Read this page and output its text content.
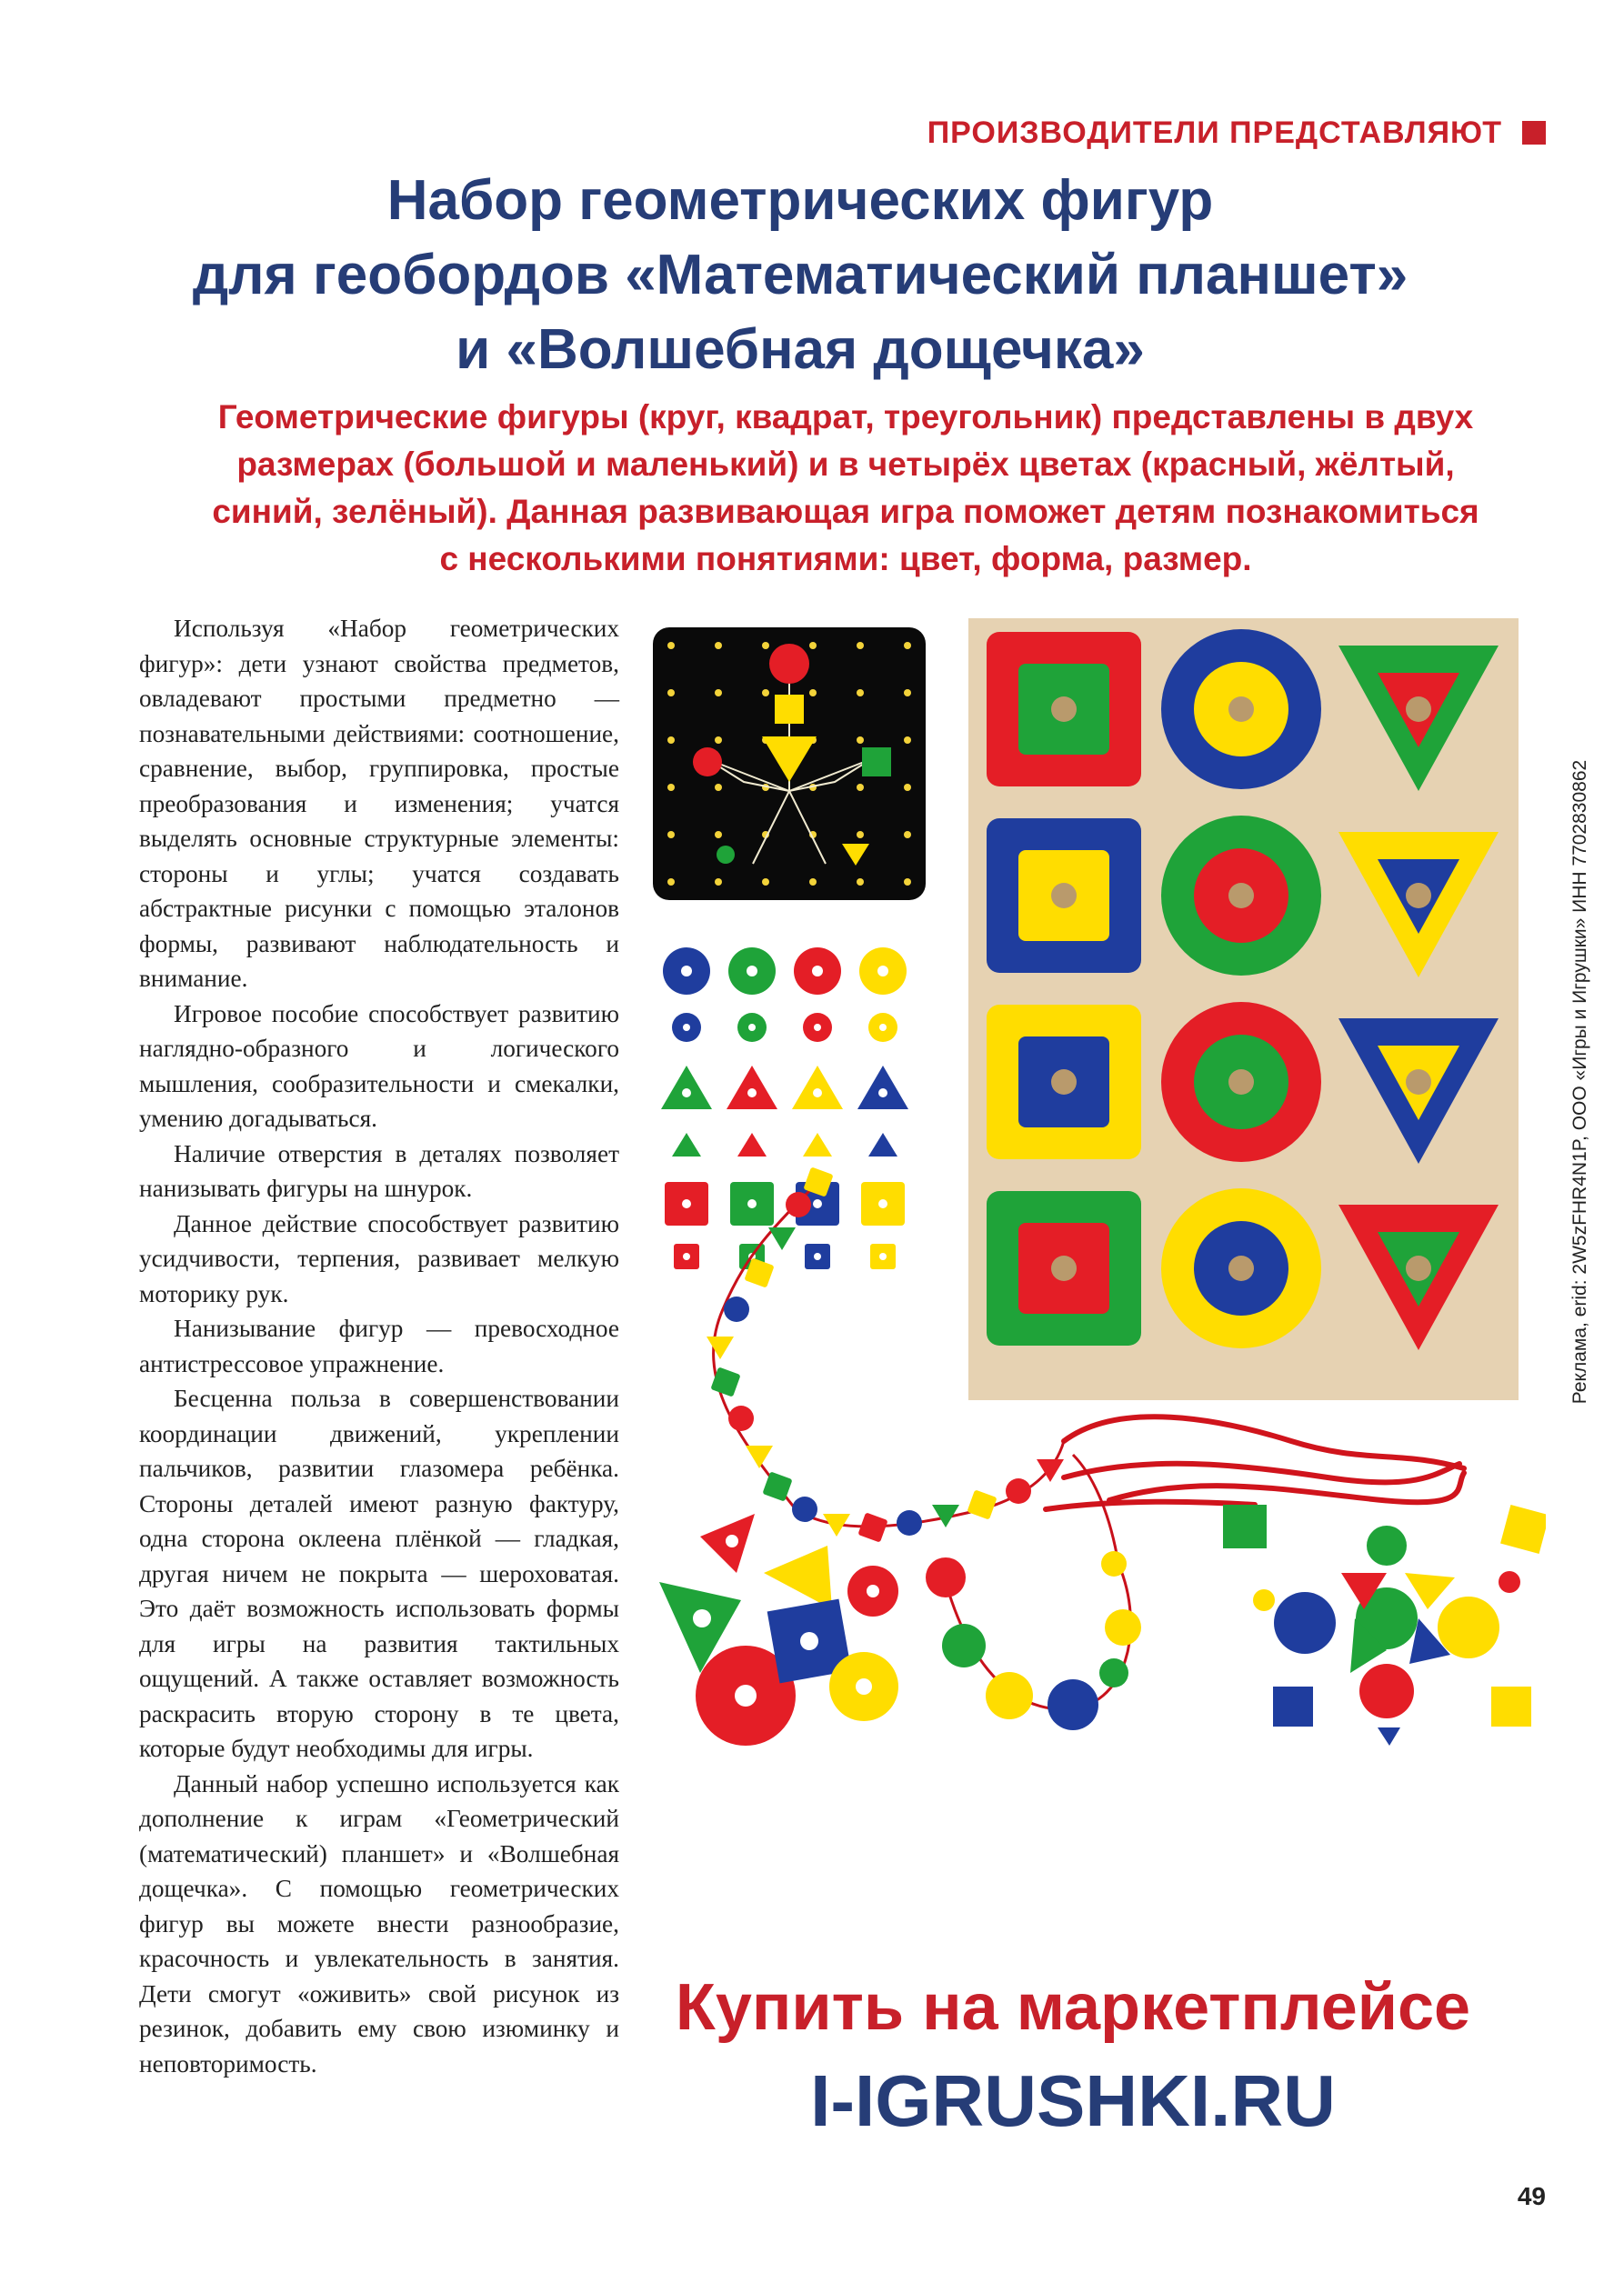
ПРОИЗВОДИТЕЛИ ПРЕДСТАВЛЯЮТ
Набор геометрических фигур
для геобордов «Математический планшет»
и «Волшебная дощечка»
Геометрические фигуры (круг, квадрат, треугольник) представлены в двух
размерах (большой и маленький) и в четырёх цветах (красный, жёлтый,
синий, зелёный). Данная развивающая игра поможет детям познакомиться
с несколькими понятиями: цвет, форма, размер.
Реклама, erid: 2W5zFHR4N1P, ООО «Игры и Игрушки» ИНН 7702830862

Используя «Набор геометрических фигур»: дети узнают свойства предметов, овладевают простыми предметно — познавательными действиями: соотношение, сравнение, выбор, группировка, простые преобразования и изменения; учатся выделять основные структурные элементы: стороны и углы; учатся создавать абстрактные рисунки с помощью эталонов формы, развивают наблюдательность и внимание.

Игровое пособие способствует развитию наглядно-образного и логического мышления, сообразительности и смекалки, умению догадываться.

Наличие отверстия в деталях позволяет нанизывать фигуры на шнурок.

Данное действие способствует развитию усидчивости, терпения, развивает мелкую моторику рук.

Нанизывание фигур — превосходное антистрессовое упражнение.

Бесценна польза в совершенствовании координации движений, укреплении пальчиков, развитии глазомера ребёнка. Стороны деталей имеют разную фактуру, одна сторона оклеена плёнкой — гладкая, другая ничем не покрыта — шероховатая. Это даёт возможность использовать формы для игры на развития тактильных ощущений. А также оставляет возможность раскрасить вторую сторону в те цвета, которые будут необходимы для игры.

Данный набор успешно используется как дополнение к играм «Геометрический (математический) планшет» и «Волшебная дощечка». С помощью геометрических фигур вы можете внести разнообразие, красочность и увлекательность в занятия. Дети смогут «оживить» свой рисунок из резинок, добавить ему свою изюминку и неповторимость.

Купить на маркетплейсе
I-IGRUSHKI.RU
49
